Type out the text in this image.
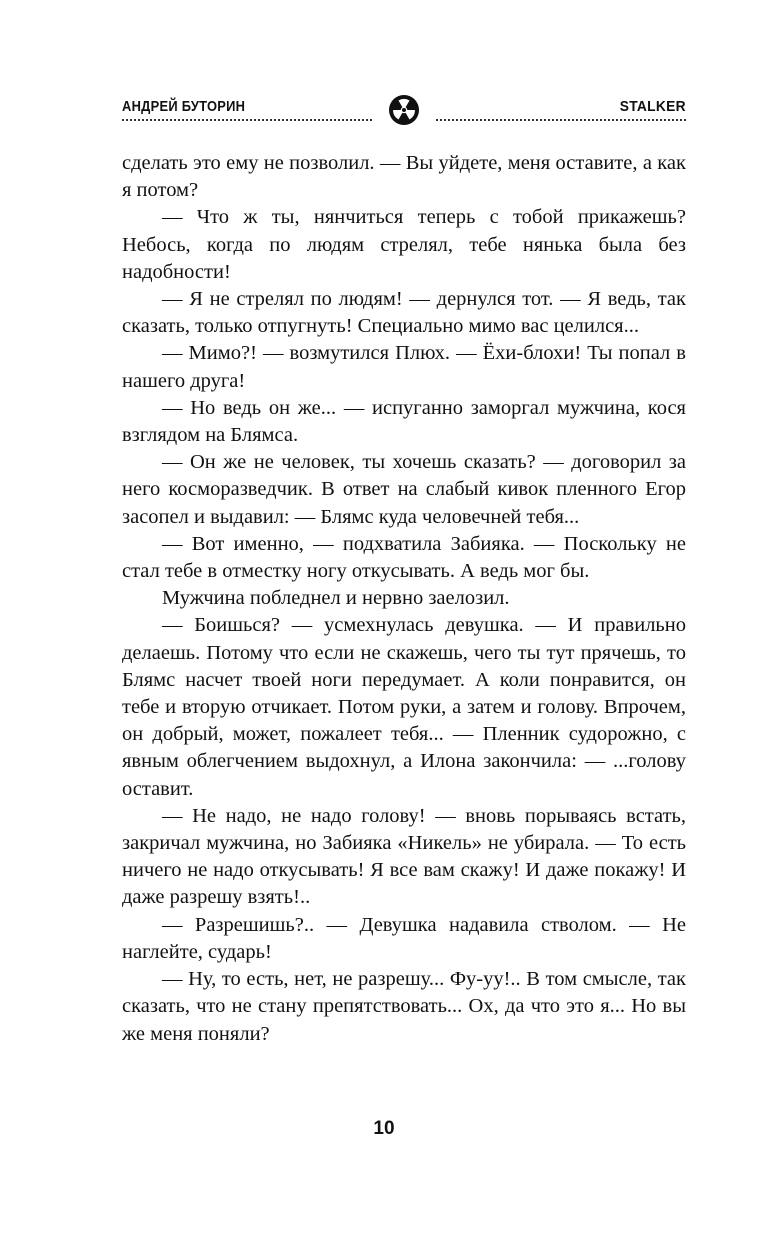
АНДРЕЙ БУТОРИН	STALKER

сделать это ему не позволил. — Вы уйдете, меня оставите, а как я потом?

— Что ж ты, нянчиться теперь с тобой прикажешь? Небось, когда по людям стрелял, тебе нянька была без надобности!

— Я не стрелял по людям! — дернулся тот. — Я ведь, так сказать, только отпугнуть! Специально мимо вас целился...

— Мимо?! — возмутился Плюх. — Ёхи-блохи! Ты попал в нашего друга!

— Но ведь он же... — испуганно заморгал мужчина, кося взглядом на Блямса.

— Он же не человек, ты хочешь сказать? — договорил за него косморазведчик. В ответ на слабый кивок пленного Егор засопел и выдавил: — Блямс куда человечней тебя...

— Вот именно, — подхватила Забияка. — Поскольку не стал тебе в отместку ногу откусывать. А ведь мог бы.

Мужчина побледнел и нервно заелозил.

— Боишься? — усмехнулась девушка. — И правильно делаешь. Потому что если не скажешь, чего ты тут прячешь, то Блямс насчет твоей ноги передумает. А коли понравится, он тебе и вторую отчикает. Потом руки, а затем и голову. Впрочем, он добрый, может, пожалеет тебя... — Пленник судорожно, с явным облегчением выдохнул, а Илона закончила: — ...голову оставит.

— Не надо, не надо голову! — вновь порываясь встать, закричал мужчина, но Забияка «Никель» не убирала. — То есть ничего не надо откусывать! Я все вам скажу! И даже покажу! И даже разрешу взять!..

— Разрешишь?.. — Девушка надавила стволом. — Не наглейте, сударь!

— Ну, то есть, нет, не разрешу... Фу-уу!.. В том смысле, так сказать, что не стану препятствовать... Ох, да что это я... Но вы же меня поняли?

10
